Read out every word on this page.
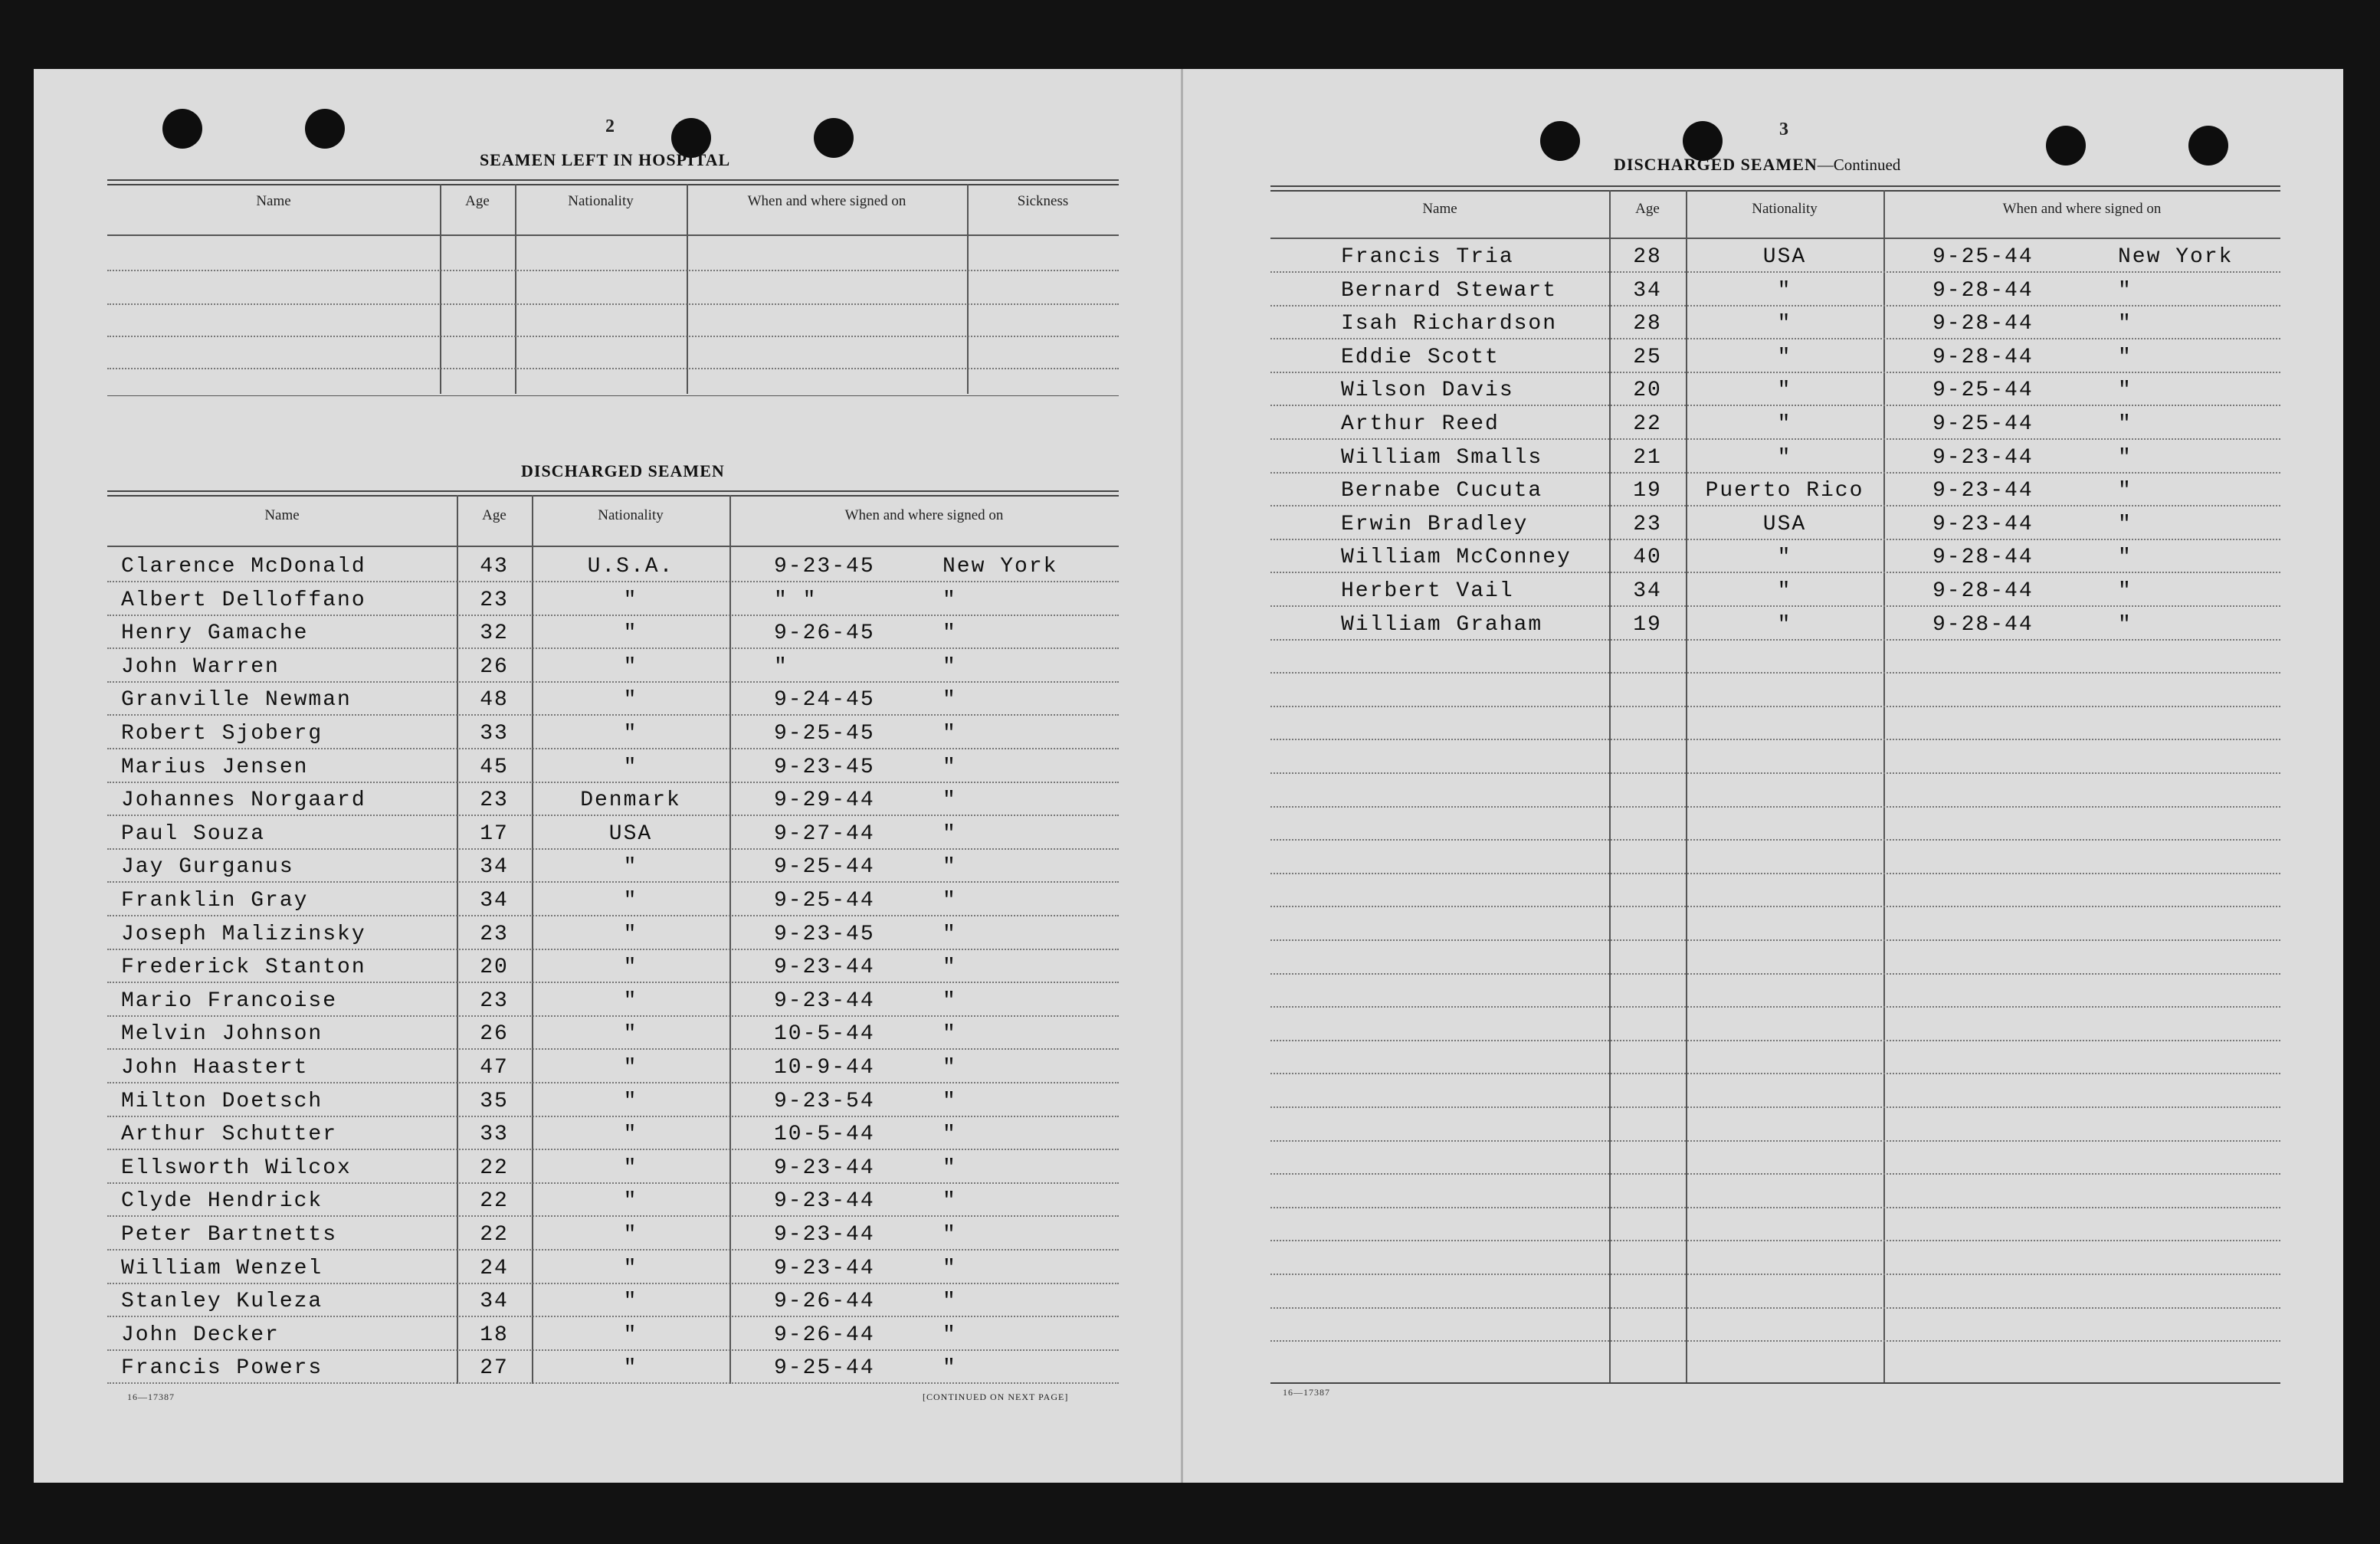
2
SEAMEN LEFT IN HOSPITAL
Name	Age	Nationality	When and where signed on	Sickness
DISCHARGED SEAMEN
Name	Age	Nationality	When and where signed on
Clarence McDonald	43	U.S.A.	9-23-45	New York
Albert Delloffano	23	"	" "	"
Henry Gamache	32	"	9-26-45	"
John Warren	26	"	"	"
Granville Newman	48	"	9-24-45	"
Robert Sjoberg	33	"	9-25-45	"
Marius Jensen	45	"	9-23-45	"
Johannes Norgaard	23	Denmark	9-29-44	"
Paul Souza	17	USA	9-27-44	"
Jay Gurganus	34	"	9-25-44	"
Franklin Gray	34	"	9-25-44	"
Joseph Malizinsky	23	"	9-23-45	"
Frederick Stanton	20	"	9-23-44	"
Mario Francoise	23	"	9-23-44	"
Melvin Johnson	26	"	10-5-44	"
John Haastert	47	"	10-9-44	"
Milton Doetsch	35	"	9-23-54	"
Arthur Schutter	33	"	10-5-44	"
Ellsworth Wilcox	22	"	9-23-44	"
Clyde Hendrick	22	"	9-23-44	"
Peter Bartnetts	22	"	9-23-44	"
William Wenzel	24	"	9-23-44	"
Stanley Kuleza	34	"	9-26-44	"
John Decker	18	"	9-26-44	"
Francis Powers	27	"	9-25-44	"
16—17387	[CONTINUED ON NEXT PAGE]
3
DISCHARGED SEAMEN—Continued
Name	Age	Nationality	When and where signed on
Francis Tria	28	USA	9-25-44	New York
Bernard Stewart	34	"	9-28-44	"
Isah Richardson	28	"	9-28-44	"
Eddie Scott	25	"	9-28-44	"
Wilson Davis	20	"	9-25-44	"
Arthur Reed	22	"	9-25-44	"
William Smalls	21	"	9-23-44	"
Bernabe Cucuta	19	Puerto Rico	9-23-44	"
Erwin Bradley	23	USA	9-23-44	"
William McConney	40	"	9-28-44	"
Herbert Vail	34	"	9-28-44	"
William Graham	19	"	9-28-44	"
16—17387
